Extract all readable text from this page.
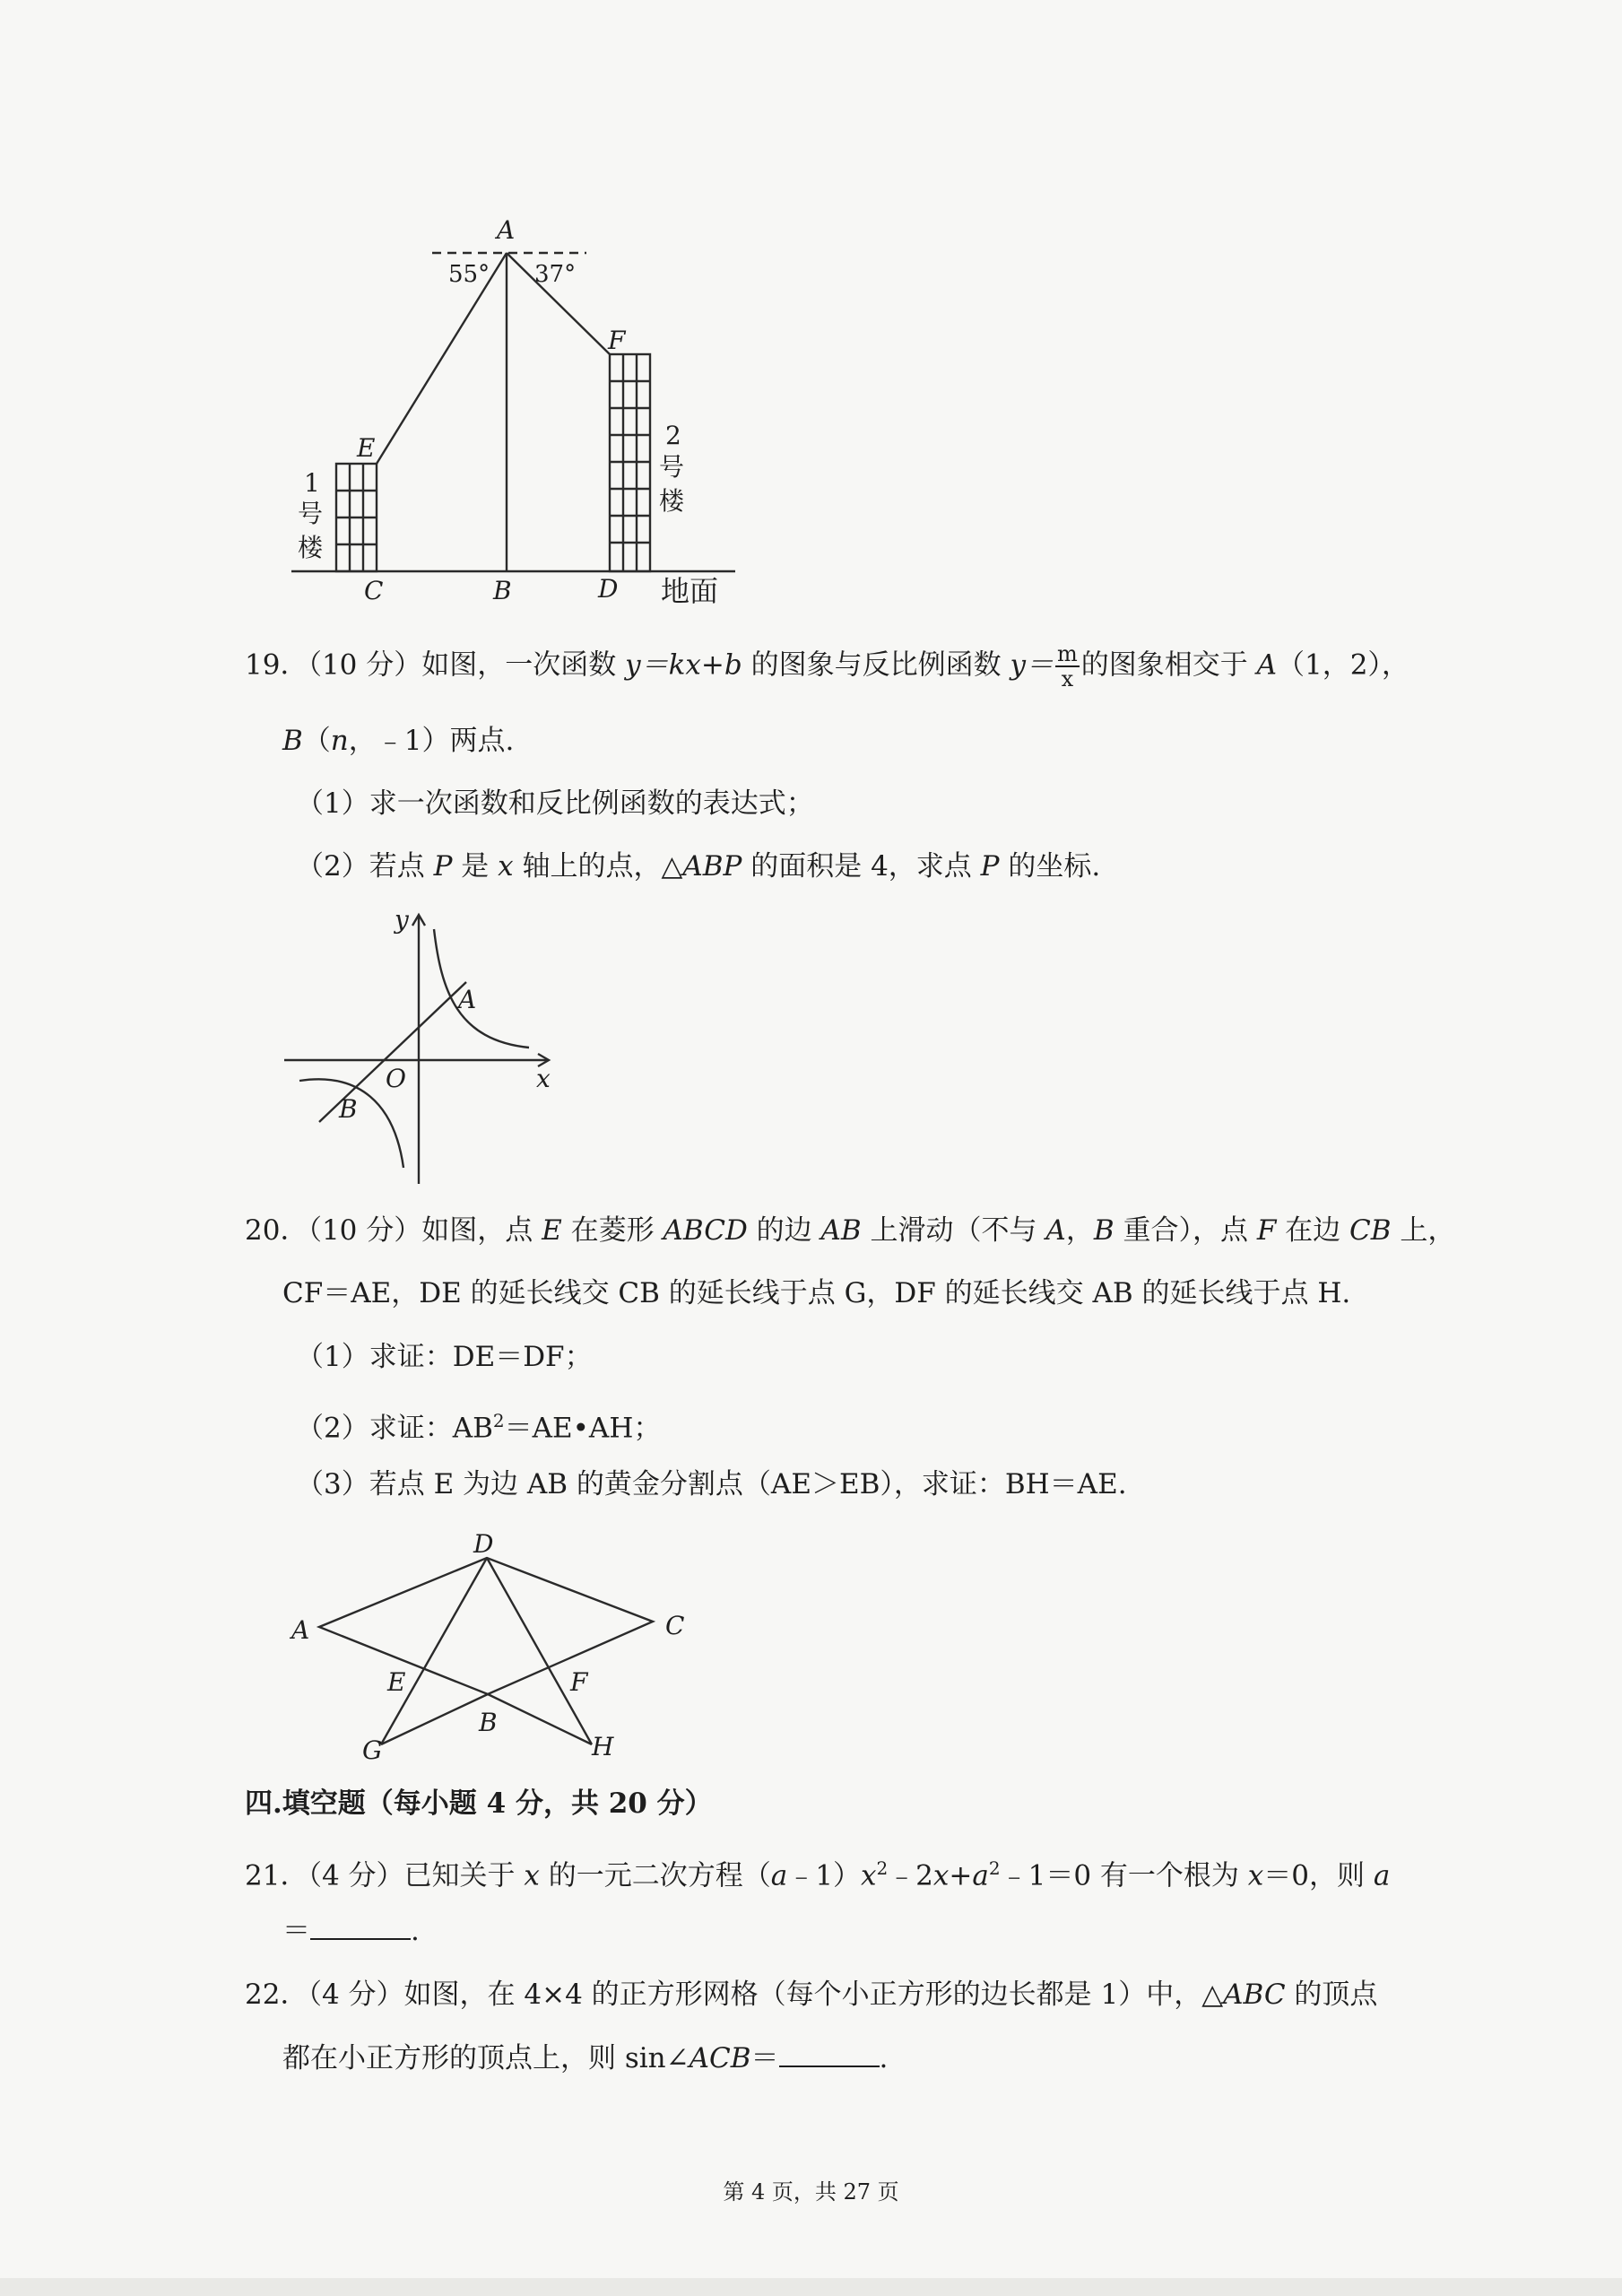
A
E
F
C	B	D
55° 37°
1
号
楼
2
号
楼
地面
19．（10 分）如图，一次函数 y＝kx+b 的图象与反比例函数 $y= \frac{m}{x}$ 的图象相交于 A（1，2），
B（n，﹣1）两点.
（1）求一次函数和反比例函数的表达式；
（2）若点 P 是 x 轴上的点，△ABP 的面积是 4，求点 P 的坐标.
y
x
O
A
B
20．（10 分）如图，点 E 在菱形 ABCD 的边 AB 上滑动（不与 A，B 重合），点 F 在边 CB 上，
CF＝AE，DE 的延长线交 CB 的延长线于点 G，DF 的延长线交 AB 的延长线于点 H.
（1）求证：DE＝DF；
（2）求证：$AB^2=AE•AH$；
（3）若点 E 为边 AB 的黄金分割点（AE＞EB），求证：BH＝AE.
D
A	C
E	F
B
G	H
四.填空题（每小题 4 分，共 20 分）
21．（4 分）已知关于 x 的一元二次方程$(a﹣1)x^2﹣2x+a^2﹣1=0$ 有一个根为 x＝0，则 a
＝	.
22．（4 分）如图，在 4×4 的正方形网格（每个小正方形的边长都是 1）中，△ABC 的顶点
都在小正方形的顶点上，则 sin∠ACB＝	.
第 4 页，共 27 页
